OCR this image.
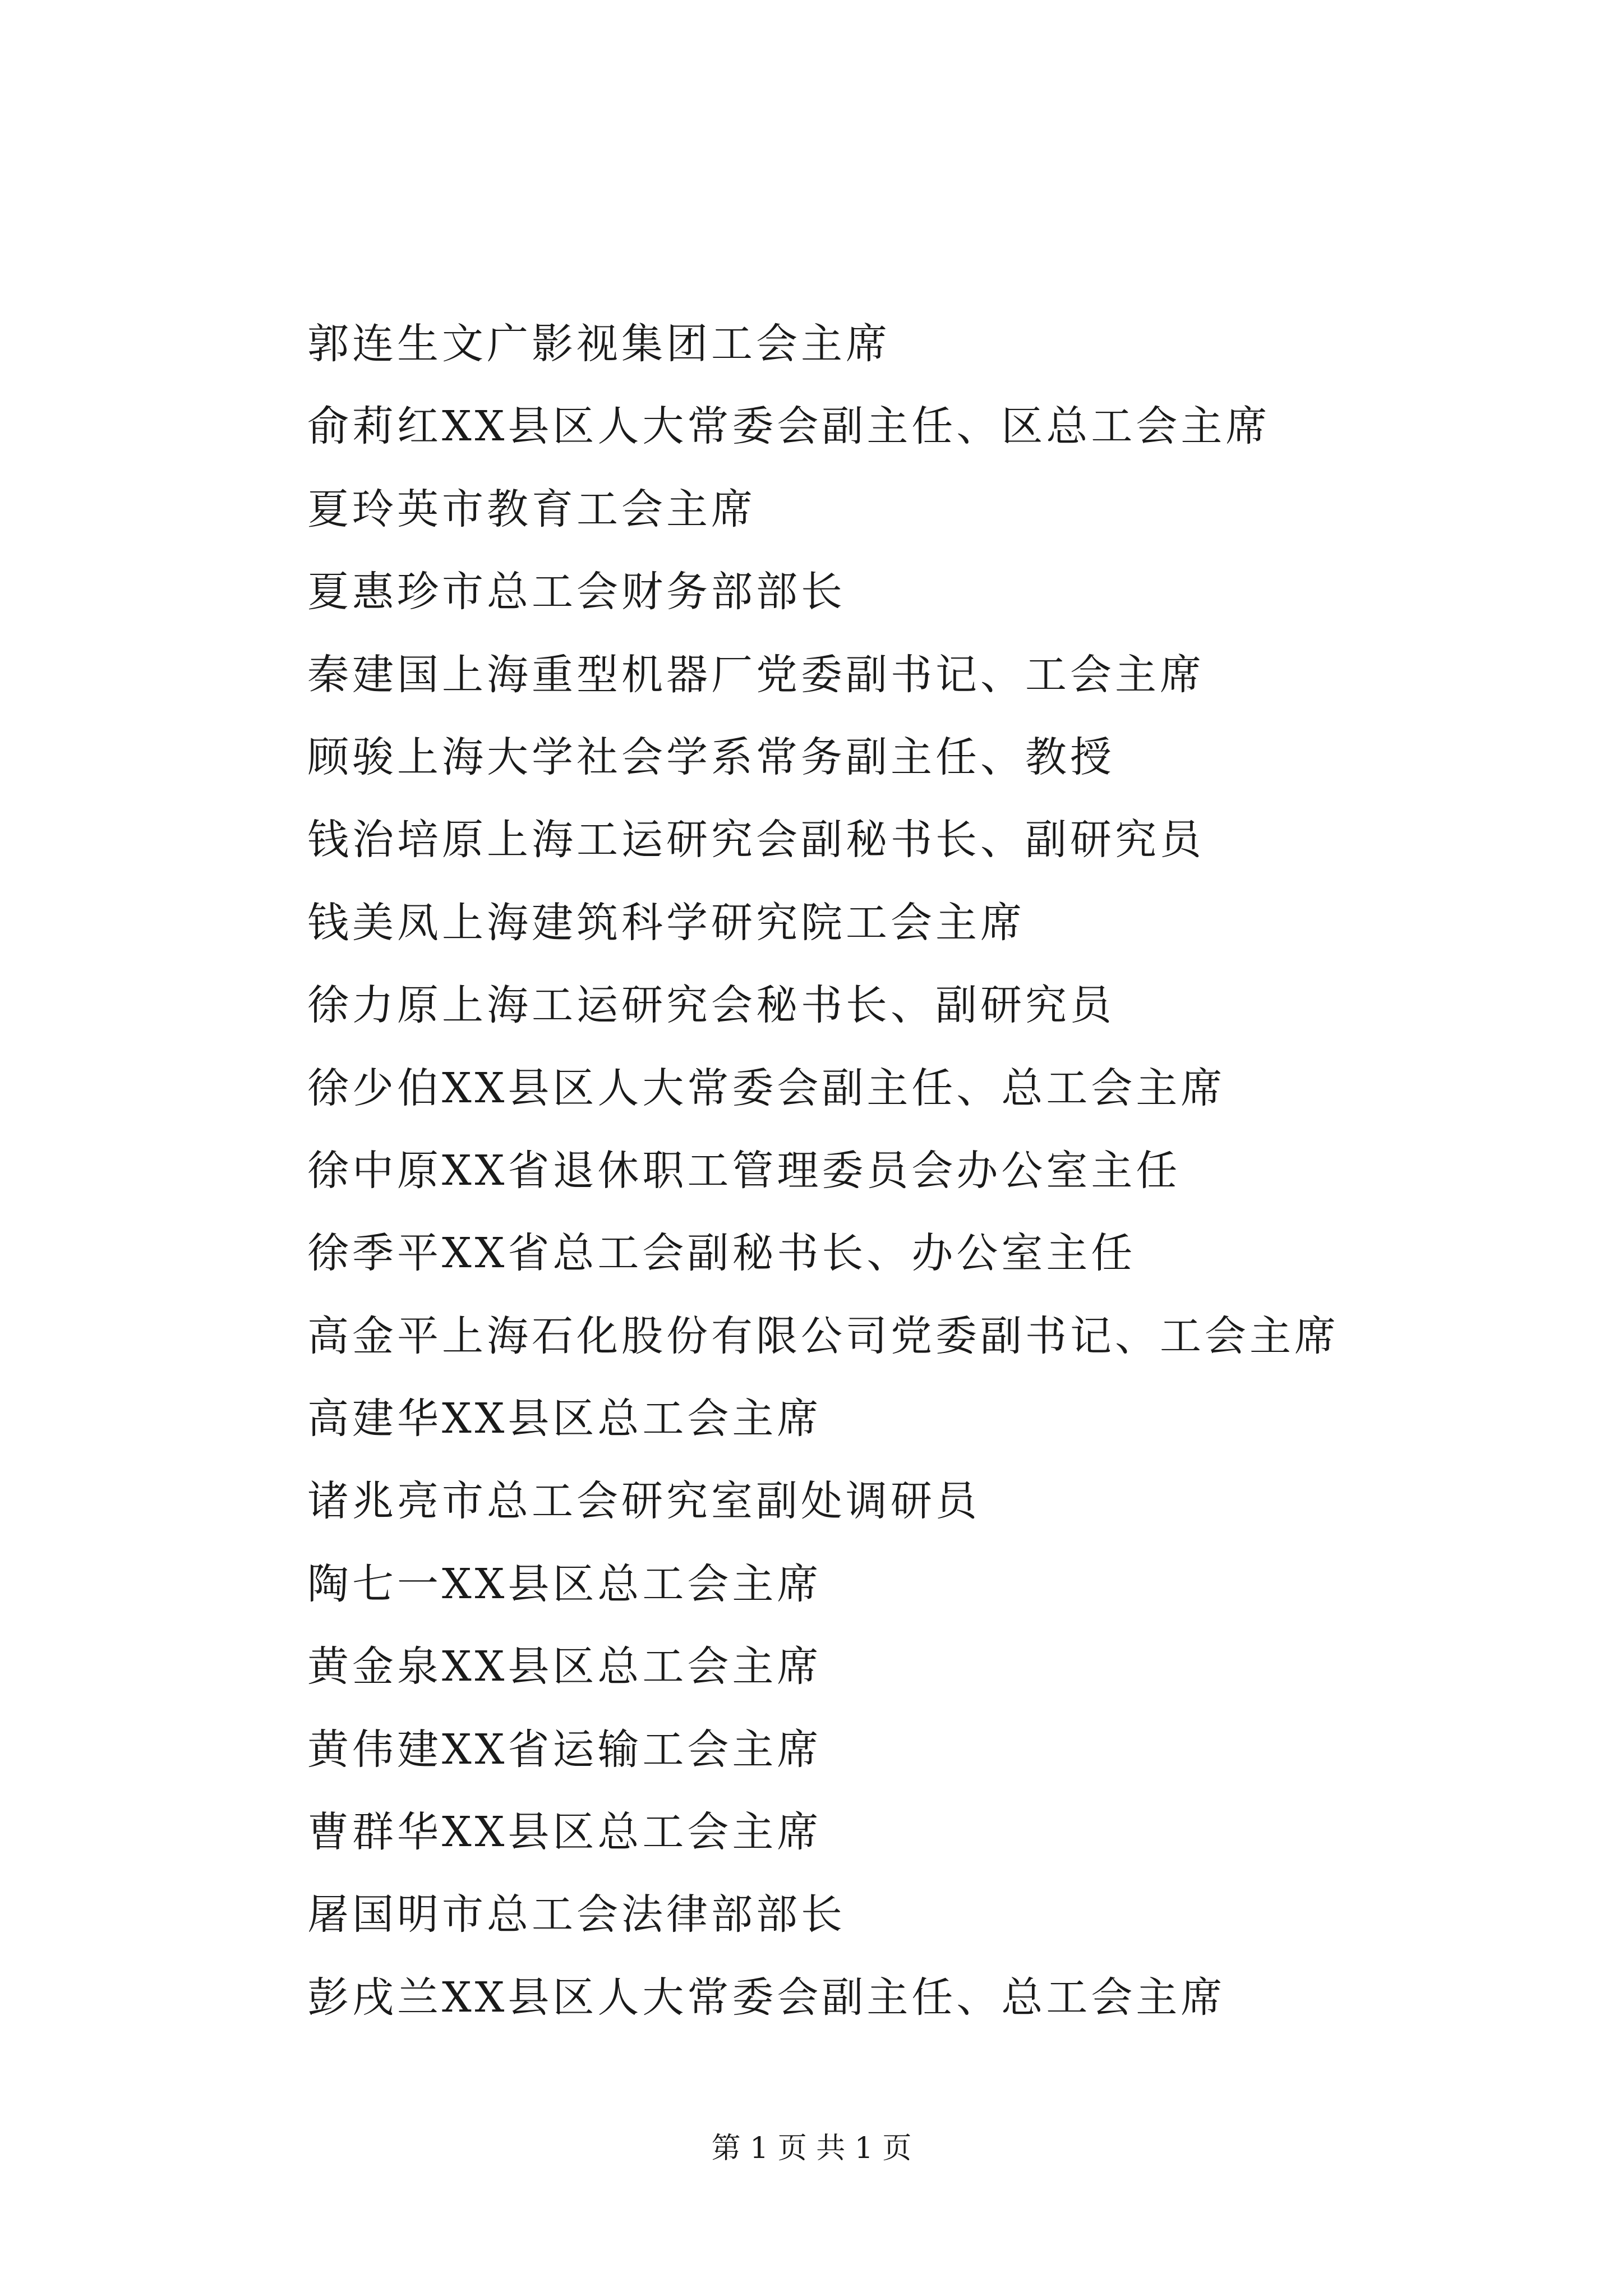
郭连生文广影视集团工会主席
俞莉红XX县区人大常委会副主任、区总工会主席
夏玲英市教育工会主席
夏惠珍市总工会财务部部长
秦建国上海重型机器厂党委副书记、工会主席
顾骏上海大学社会学系常务副主任、教授
钱治培原上海工运研究会副秘书长、副研究员
钱美凤上海建筑科学研究院工会主席
徐力原上海工运研究会秘书长、副研究员
徐少伯XX县区人大常委会副主任、总工会主席
徐中原XX省退休职工管理委员会办公室主任
徐季平XX省总工会副秘书长、办公室主任
高金平上海石化股份有限公司党委副书记、工会主席
高建华XX县区总工会主席
诸兆亮市总工会研究室副处调研员
陶七一XX县区总工会主席
黄金泉XX县区总工会主席
黄伟建XX省运输工会主席
曹群华XX县区总工会主席
屠国明市总工会法律部部长
彭戌兰XX县区人大常委会副主任、总工会主席
第 1 页 共 1 页
